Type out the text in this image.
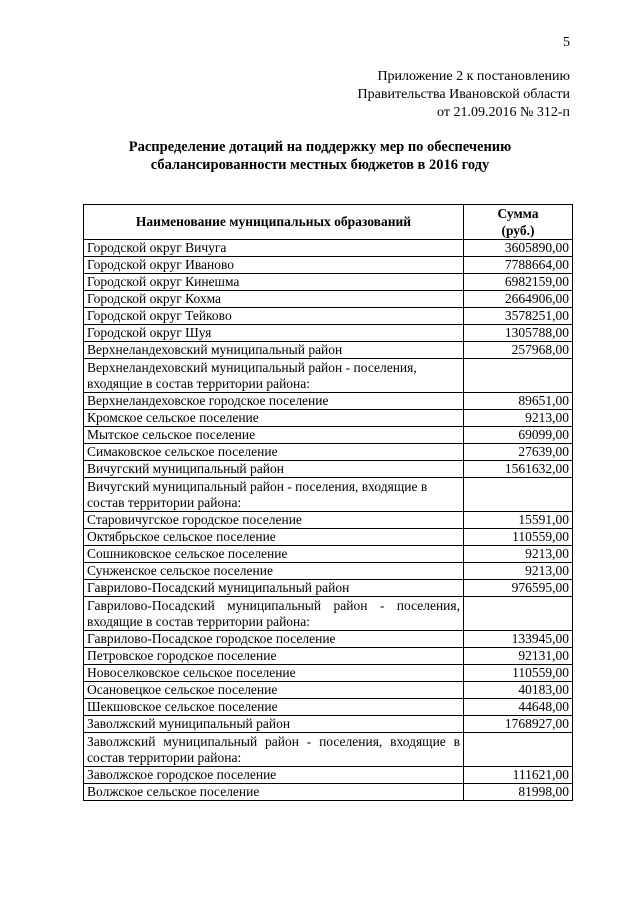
5
Приложение 2 к постановлению
Правительства Ивановской области
от 21.09.2016 № 312-п
Распределение дотаций на поддержку мер по обеспечению
сбалансированности местных бюджетов в 2016 году
Наименование муниципальных образований	Сумма
(руб.)

Городской округ Вичуга	3605890,00
Городской округ Иваново	7788664,00
Городской округ Кинешма	6982159,00
Городской округ Кохма	2664906,00
Городской округ Тейково	3578251,00
Городской округ Шуя	1305788,00
Верхнеландеховский муниципальный район	257968,00
Верхнеландеховский муниципальный район - поселения, входящие в состав территории района:	
Верхнеландеховское городское поселение	89651,00
Кромское сельское поселение	9213,00
Мытское сельское поселение	69099,00
Симаковское сельское поселение	27639,00
Вичугский муниципальный район	1561632,00
Вичугский муниципальный район - поселения, входящие в состав территории района:	
Старовичугское городское поселение	15591,00
Октябрьское сельское поселение	110559,00
Сошниковское сельское поселение	9213,00
Сунженское сельское поселение	9213,00
Гаврилово-Посадский муниципальный район	976595,00
Гаврилово-Посадский муниципальный район - поселения, входящие в состав территории района:	
Гаврилово-Посадское городское поселение	133945,00
Петровское городское поселение	92131,00
Новоселковское сельское поселение	110559,00
Осановецкое сельское поселение	40183,00
Шекшовское сельское поселение	44648,00
Заволжский муниципальный район	1768927,00
Заволжский муниципальный район - поселения, входящие в состав территории района:	
Заволжское городское поселение	111621,00
Волжское сельское поселение	81998,00
